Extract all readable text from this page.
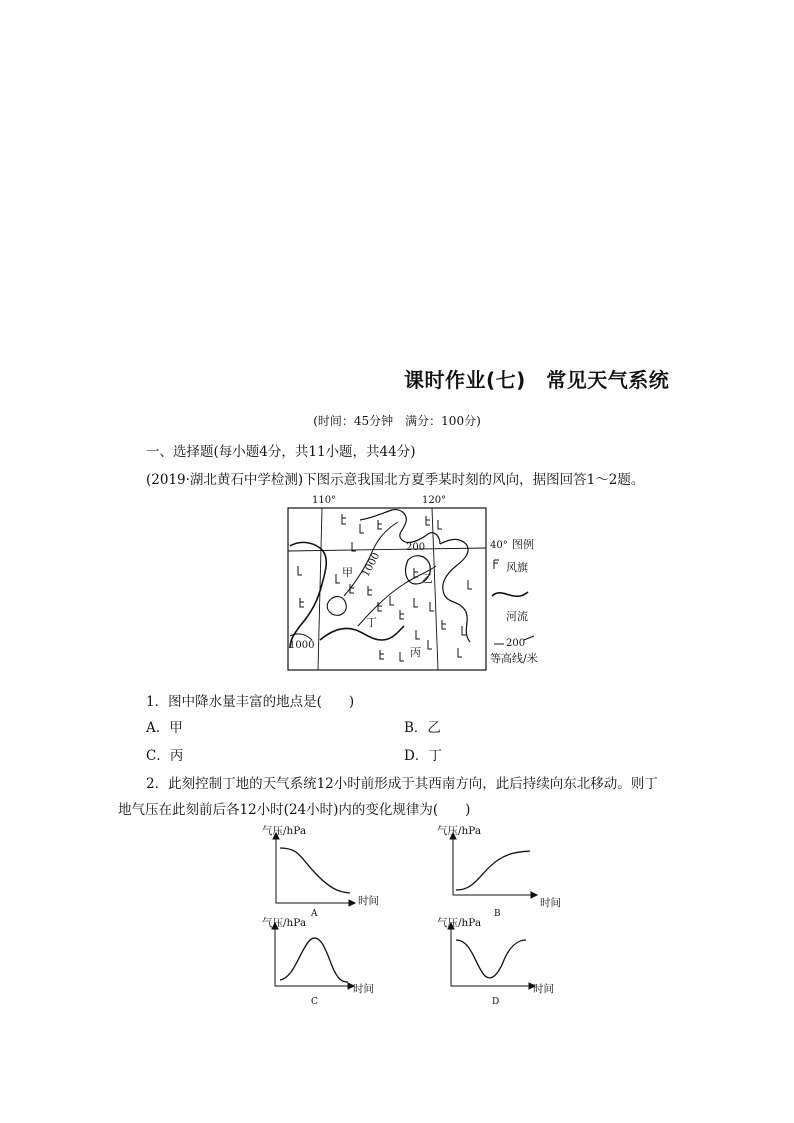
课时作业(七)　常见天气系统
(时间：45分钟　满分：100分)
一、选择题(每小题4分，共11小题，共44分)
(2019·湖北黄石中学检测)下图示意我国北方夏季某时刻的风向，据图回答1～2题。
110°	120°
40°
200
1000
1000
甲	乙
丁
丙
图例
风旗
河流
200
等高线/米
1．图中降水量丰富的地点是(　　)
A．甲	B．乙
C．丙	D．丁
2．此刻控制丁地的天气系统12小时前形成于其西南方向，此后持续向东北移动。则丁
地气压在此刻前后各12小时(24小时)内的变化规律为(　　)
气压/hPa
时间
A
气压/hPa
时间
B
气压/hPa
时间
C
气压/hPa
时间
D
